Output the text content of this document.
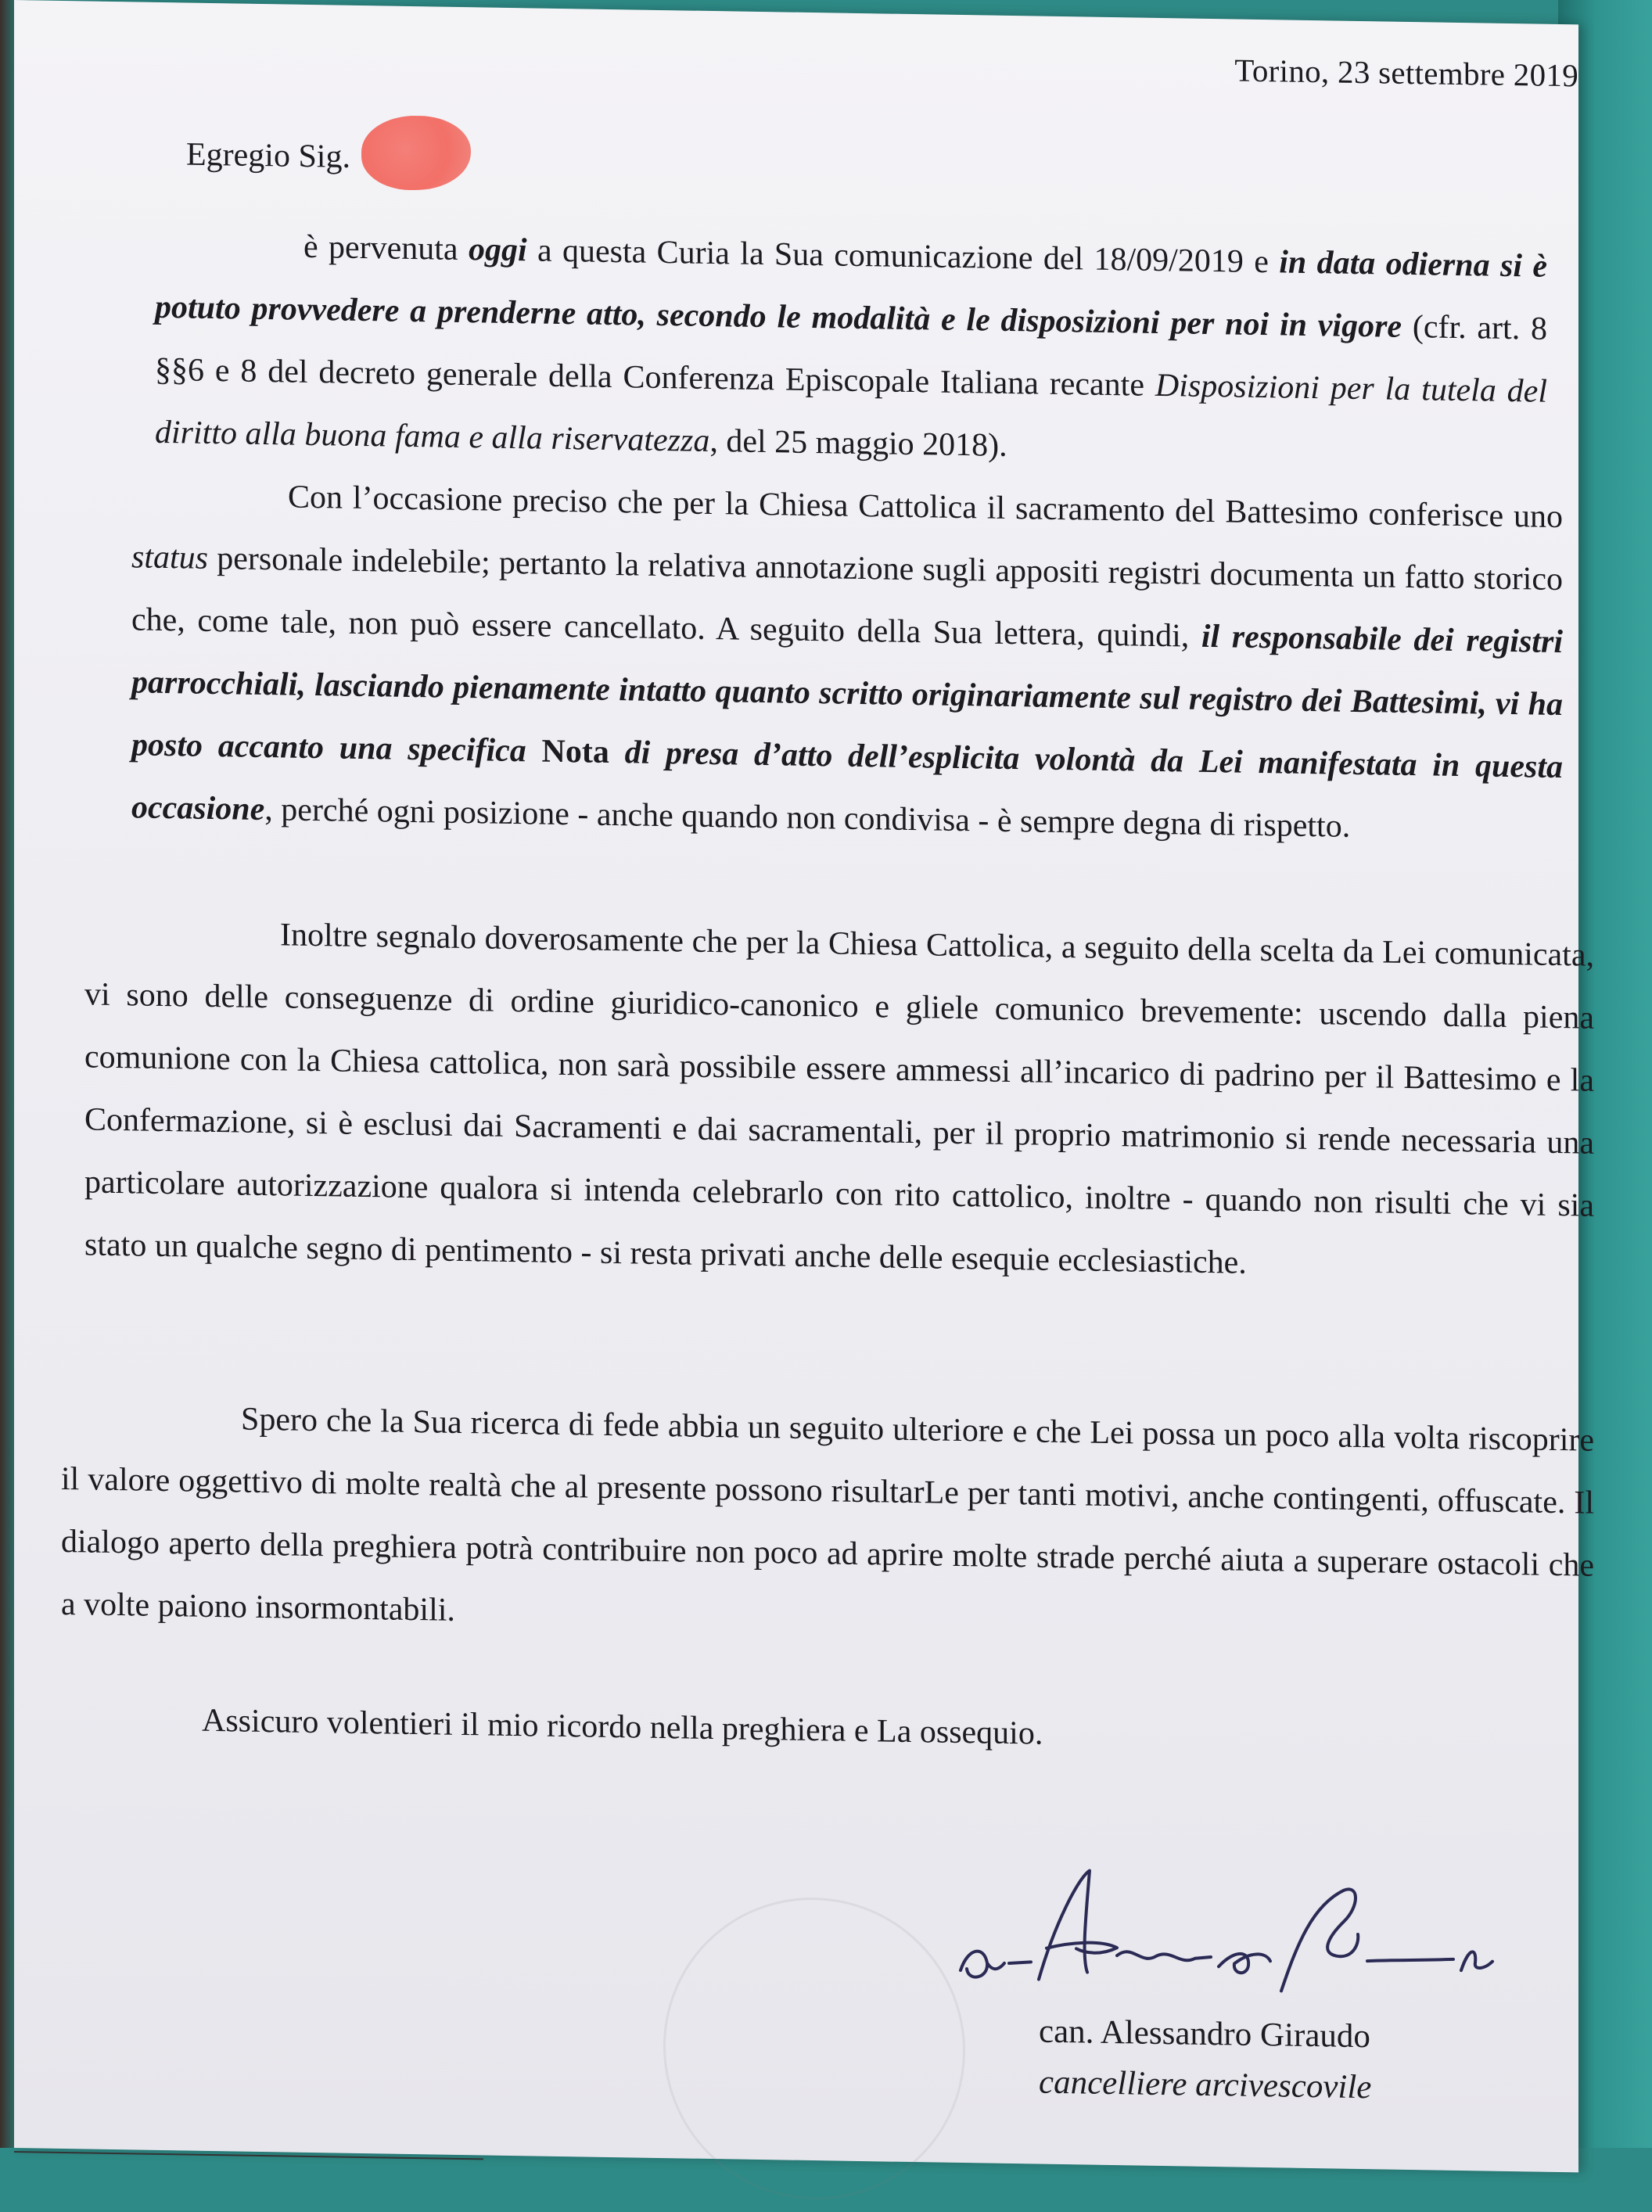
Torino, 23 settembre 2019
Egregio Sig.
è pervenuta oggi a questa Curia la Sua comunicazione del 18/09/2019 e in data odierna si è potuto provvedere a prenderne atto, secondo le modalità e le disposizioni per noi in vigore (cfr. art. 8 §§6 e 8 del decreto generale della Conferenza Episcopale Italiana recante Disposizioni per la tutela del diritto alla buona fama e alla riservatezza, del 25 maggio 2018).
Con l’occasione preciso che per la Chiesa Cattolica il sacramento del Battesimo conferisce uno status personale indelebile; pertanto la relativa annotazione sugli appositi registri documenta un fatto storico che, come tale, non può essere cancellato. A seguito della Sua lettera, quindi, il responsabile dei registri parrocchiali, lasciando pienamente intatto quanto scritto originariamente sul registro dei Battesimi, vi ha posto accanto una specifica Nota di presa d’atto dell’esplicita volontà da Lei manifestata in questa occasione, perché ogni posizione - anche quando non condivisa - è sempre degna di rispetto.
Inoltre segnalo doverosamente che per la Chiesa Cattolica, a seguito della scelta da Lei comunicata, vi sono delle conseguenze di ordine giuridico-canonico e gliele comunico brevemente: uscendo dalla piena comunione con la Chiesa cattolica, non sarà possibile essere ammessi all’incarico di padrino per il Battesimo e la Confermazione, si è esclusi dai Sacramenti e dai sacramentali, per il proprio matrimonio si rende necessaria una particolare autorizzazione qualora si intenda celebrarlo con rito cattolico, inoltre - quando non risulti che vi sia stato un qualche segno di pentimento - si resta privati anche delle esequie ecclesiastiche.
Spero che la Sua ricerca di fede abbia un seguito ulteriore e che Lei possa un poco alla volta riscoprire il valore oggettivo di molte realtà che al presente possono risultarLe per tanti motivi, anche contingenti, offuscate. Il dialogo aperto della preghiera potrà contribuire non poco ad aprire molte strade perché aiuta a superare ostacoli che a volte paiono insormontabili.
Assicuro volentieri il mio ricordo nella preghiera e La ossequio.
can. Alessandro Giraudo
cancelliere arcivescovile
